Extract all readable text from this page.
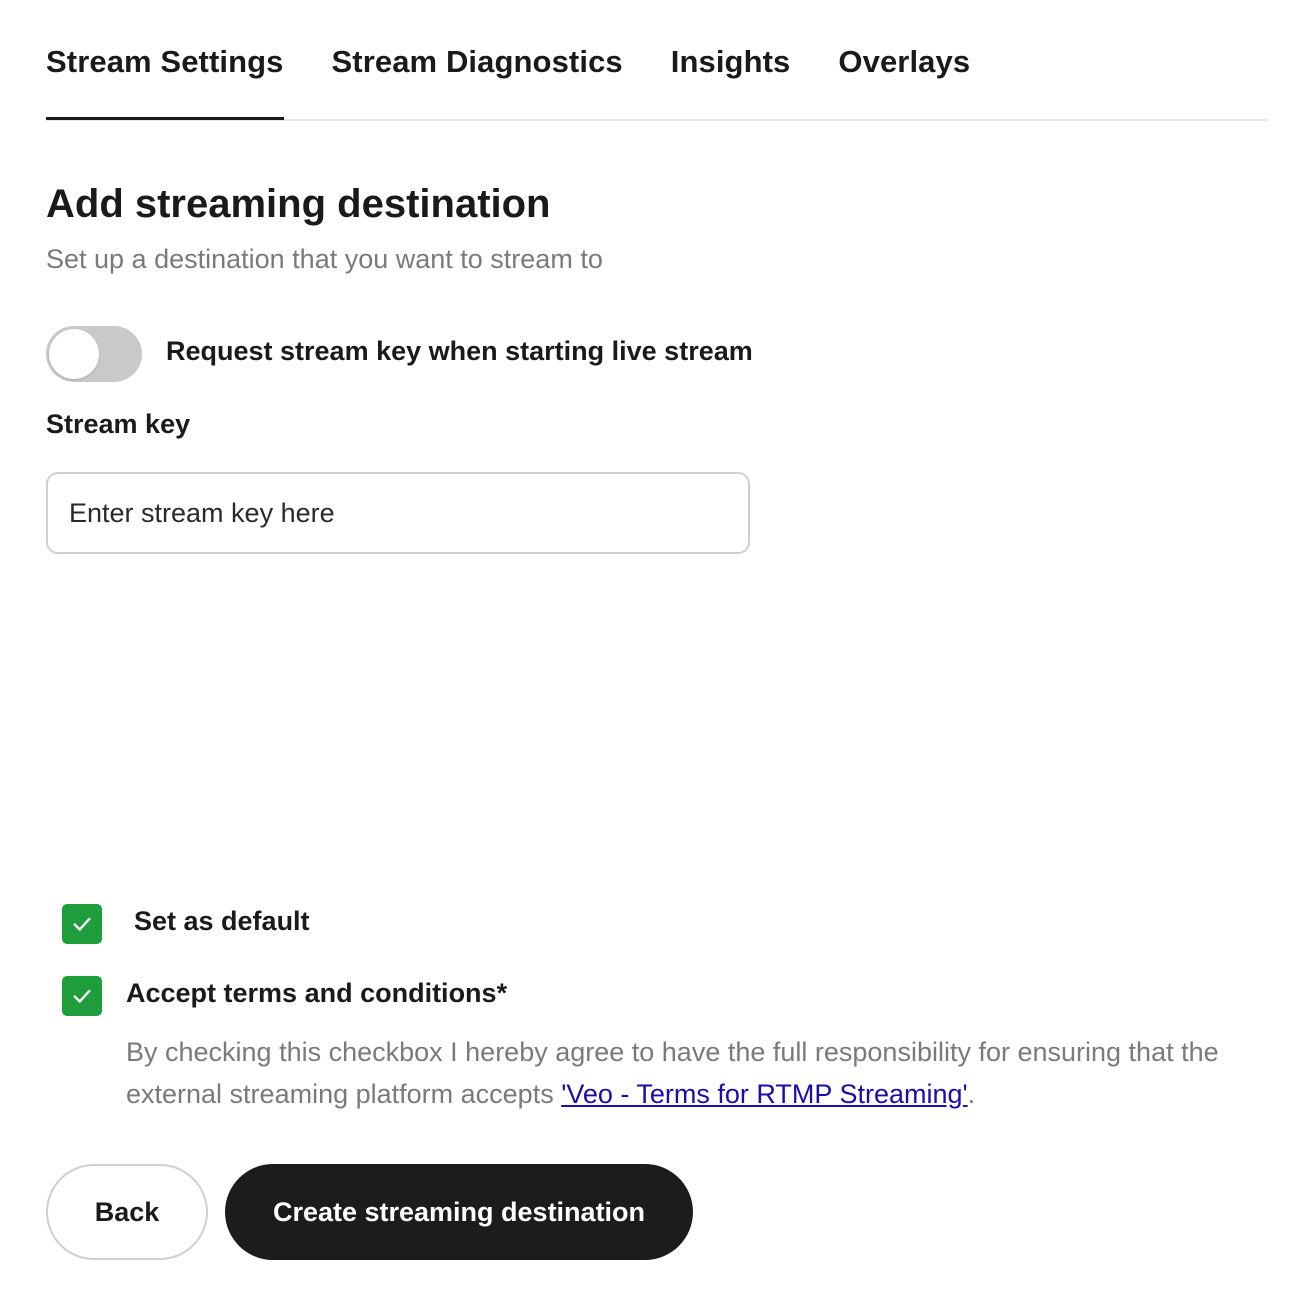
Stream Settings Stream Diagnostics Insights Overlays
Add streaming destination
Set up a destination that you want to stream to
Request stream key when starting live stream
Stream key
Enter stream key here
Set as default
Accept terms and conditions*
By checking this checkbox I hereby agree to have the full responsibility for ensuring that the external streaming platform accepts 'Veo - Terms for RTMP Streaming'.
Back	Create streaming destination
